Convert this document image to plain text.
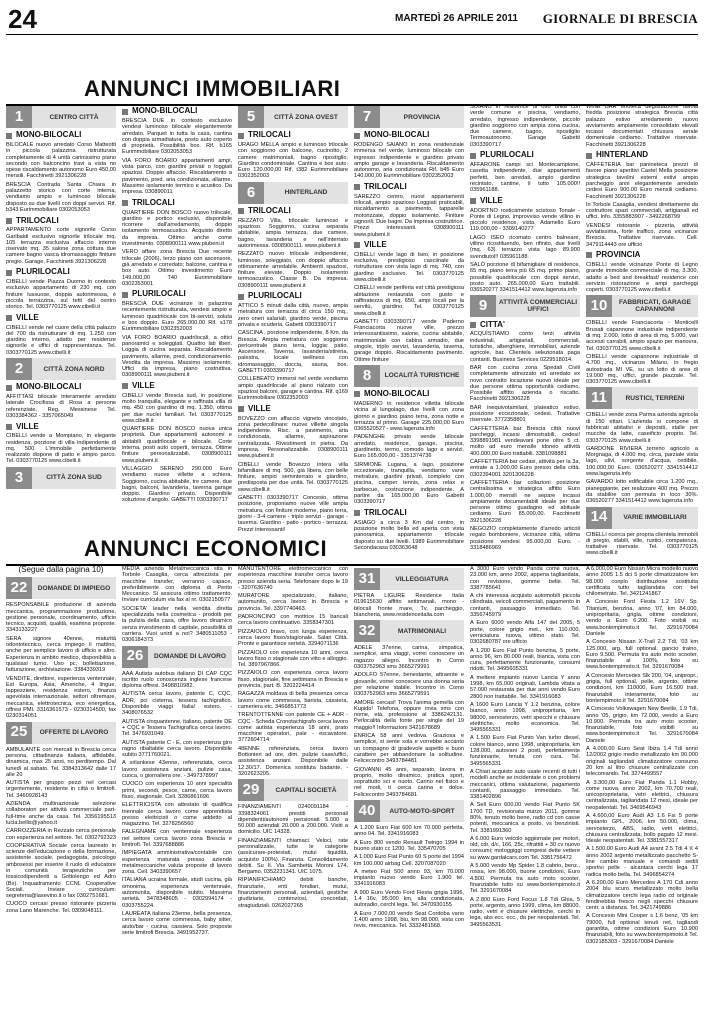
24	MARTEDÌ 26 APRILE 2011 GIORNALE DI BRESCIA
ANNUNCI IMMOBILIARI
1	CENTRO CITTÀ
MONO-BILOCALI

BILOCALE nuovo arredato Corso Matteotti in piccola palazzina ristrutturata completamente di 4 unità carinissimo piano secondo con balconcino travi a vista no spese riscaldamento autonomo Euro 450,00 mensili. Facchinetti 3921306228

BRESCIA Contrada Santa Chiara in palazzetto storico con corte interna, vendiamo ampio e luminoso bilocale disposto su due livelli con doppi servizi. Rif. b343 Eurimmobiliare 0302053053

TRILOCALI

APPARTAMENTO corte signorile Corso Garibaldi esclusivo signorile trilocale mq. 105 terrazza esclusiva affaccio interno riservato mq. 35 salone zona cottura due camere bagno vasca idromassaggio finiture pregio. Garage. Facchinetti 3921306228

PLURILOCALI

CIBELLI vende Piazza Duomo in contesto esclusivo appartamento di 230 mq. con finiture lussuose, doppia autorimessa, è piccola terrazzina, sul tetti del centro storico. Tel. 0303770125 www.cibelli.it

VILLE

CIBELLI vende nel cuore della città palazzo del 700 da ristrutturare di mq. 1.250 con giardino interno, adatto per residenze signorile e uffici di rappresentanza. Tel. 0303770125 www.cibelli.it

2	CITTÀ ZONA NORD
MONO-BILOCALI

AFFITTASI bilocale interamente arredato laterale Crocifissa di Rosa a persone referenziate. Reg. Messinese Tel. 0303384362 - 3357065049

VILLE

CIBELLI vende a Mompiano, in elegante residenza, porzione di villa indipendente di mq. 500. L'immobile perfettamente realizzato dispone di patio e ampio parco. Tel. 0303770125 www.cibelli.it

3	CITTÀ ZONA SUD
MONO-BILOCALI

BRESCIA DUE in contesto esclusivo vendesi luminoso bilocale elegantemente arredato. Parquet in tutta la casa, cantina con doppia armadiatura, posto auto coperto di proprietà. Possibilità box. Rif. b165 Eurimmobiliare 0302053053

VIA FORO BOARIO appartamenti ampi, vista parco, con giardini privati o loggiati spaziosi. Doppio affaccio. Riscaldamento a pavimento, pred. aria condizionata, allarme. Massimo isolamento termico e acustico. Da impresa. 030890011

TRILOCALI

QUARTIERE DON BOSCO nuovo trilocale, giardino e portico esclusivi, disponibile ricorrere dall'arredamento, doppio isolamento termoacustico. Acquisto diretto da impresa. Ottimo anche come investimento. 0308900111 www.piubeni.it

VERO affare zona Brescia Due recente trilocale (2006), terzo piano con ascensore, già arredato e corredato; balcone, cantina e box auto. Ottimo investimento Euro 149.000,00 T40 Eurimmobiliare 0302353001

PLURILOCALI

BRESCIA DUE vicinanze in palazzina recentemente ristrutturata, vendesi ampio e luminoso quadrilocale con bi-servizi, soluta e box doppio. Euro 265.000,00 Rif. s178 Eurimmobiliare 0302352003

VIA FORO BOARIO quadrilocali, a ottici panoramici e soleggiati. Quattro lati liberi. Loggia di cucina separata. Riscaldamento pavimento, allarme, pred. condizionamento. Vendita da impresa. Massimo isolamento. Uffici da impresa, piano costruttiva. 0308900111 www.piubeni.it

VILLE

CIBELLI vende Brescia sud, in posizione molto tranquilla, elegante e raffinata villa di mq. 450 con giardino di mq. 1.350, ottima per due nuclei familiari. Tel. 0303770125 www.cibelli.it

QUARTIERE DON BOSCO nuova unica proprietà. Due appartamenti autonomi e abitabili quadrilocale e bilocale. Corte interna, posti auto coperti, terrazza. Ottime finiture personalizzabili. 0308900111 www.piubeni.it

VILLAGGIO SERENO 290.000 Euro vendiamo nuove villette a schiera. Soggiorno, cucina abitabile, tre camere, due bagni, balconi, lavanderia, taverna garage doppio. Giardino privato. Disponibile soluzione d'angolo. GABETTI 0303390717

5	CITTÀ ZONA OVEST
TRILOCALI

URAGO MELLA ampio e luminoso trilocale con soggiorno con balcone, cucinotto, 2 camere matrimoniali, bagno ripostiglio. Giardino condominiale. Cantina e box auto. Euro 120.000,00 Rif. t382 Eurimmobiliare 0302352003

6	HINTERLAND
TRILOCALI

REZZATO Villa, trilocale: luminoso e spazioso. Soggiorno, cucina separata abitabile, ampia terrazza, due camere, bagno, lavanderia e nell'interrato autorimessa. 0308900111. www.piubeni.it

REZZATO nuovo trilocale indipendente, luminoso, soleggiato, con doppio affaccio ottimamente arredabile. Ambienti spaziosi, finiture elevate. Doppio isolamento termoacustico. Classe B. Da impresa. 0308900111 www.piubeni.it

PLURILOCALI

ATTICO 5 minuti dalla città, nuovo, ampia metratura con terrazza di circa 150 mq., zero oneri salariali, giardino verde, piscina privata e scuderia. Gabetti 0303390717

CASCINA , porzione indipendente, 8 Km. da Brescia. Ampia metratura con soggiorno pericentrale piano terra, loggia: patio. Ascensore, Taverna, lavanderia/stireria, palestra, locale wellness con idromassaggio, doccia, sauna, box. GABETTI 0303390717

COLLEBEATO immersi nel verde vendiamo ampio quadrilocale al piano rialzato con spaziosi balconi, garage e cantina. Rif. q169 Eurimmobiliare 0302352003

VILLE

BOVEZZO con affaccio vigneto vincolato, zona pedecollinare: nuove villette singola indipendente. Risc. a pavimento, aria condizionata, allarme, aspirazione centralizzata. Rivestimenti in pietra. Da impresa. Personalizzabile. 0308900111 www.piubeni.it

CIBELLI vende Bovezzo intera villa bifamiliare di mq. 500, già libera, con belle finiture, ampio seminterrato e giardino, predisposta per due unità. Tel. 0303770125 www.cibelli.it

GABETTI 0303390717 Concesio, ottima posizione, proponiamo nuove ville ampia metratura, con finiture moderne, piano terra, giorni - 3-4 camere - triplo servizi - garage - taverna. Giardino - patio - portico - terrazza. Prezzi interessanti!

7	PROVINCIA
MONO-BILOCALI

RODENGO SAIANO in zona residenziale immersa nel verde, luminoso bilocale con ingresso indipendente e giardino privato ampio garage e lavanderia. Riscaldamento autonomo, aria condizionata Rif. b45 Euro 140.000,00 Eurimmobiliare 0302352003

TRILOCALI

SAREZZO centro, nuovi appartamenti trilocali, ampio spazioso Loggiati praticabili, riscaldamento a pavimento, tapparelle motorizzate, doppio isolamento. Finiture signorili. Due bagni. Da impresa costruttrice. Prezzi interessanti. 0308900111 www.piubeni.it

VILLE

CIBELLI vende lago di Iseo, in posizione esclusiva, prestigioso casciinale da ristrutturare con vista lago di mq. 740, con giardino esclusivo. Tel. 0303770125 www.cibelli.it

CIBELLI vende periferia est città prestigiosa abitazione restaurata con gusto e raffinatezza di mq. 650, ampi locali per la servitù, giardino. Tel. 0303770125 www.cibelli.it

GABETTI 0303390717 vende Paderno Franciacorta nuove ville, prezzo interessantissimo, salone, cucina abitabile, matrimoniale con cabina armadio, due singole, triplo servizi, lavanderia, taverna, garage doppio. Riscaldamento pavimento. Ottime finiture

8	LOCALITÀ TURISTICHE
MONO-BILOCALI

MADERNO in residence villetta bilocale vicina al lungolago, due livelli con zona giorno e giardino piano terra, zona notte e terrazza al primo. Garage 225.000,00 Euro 0365520527 - www.lagenzia.info

PADENGHE privato vende bilocale arredato, residence, garage, piscina, giardinetto, termo, comodo lago e servizi. Euro 165.000,00 - 3351374736

SIRMIONE Lugana, a lago, posizione eccezionale, tranquilla, vendiamo vane metrature, giardini privati, completo con piscina, camper tennis, zona relax e barbecue, costruzione indipendente. A partire da 165.000,00 Euro Gabetti 0303390717

TRILOCALI

ASIAGO a circa 3 Km dal centro, in posizione molto bella ed aperta con vista panoramica, appartamento trilocale disposto su due livelli. 1989 Eurimmobiliare Secondacasa 030363648

SOIANO in residence di otto unità con verde comune e piscina, vendiamo, arredato, ingresso indipendente, piccolo giardino soggiorno con ampia zona cucina, due camere, bagno, ripostiglio Termoautonomo. Garage Gabetti 0303390717

PLURILOCALI

AFFARONE campi sci Montecampione, casetta indipendente, due appartamenti perfetti, ben arredati, ampio giardino recintato, cantine, il tutto 105.000!! 035961188.

VILLE

ADORTNO rosticamente scistoso Tonale - Ponte di Legno, improvviso vende villino in piccolo residence, vista. Adamello Euro 119.000,00 - 3309140277

LAGO ISEO ricomato centro balneare, villino ricostituendo, ben rifinito, due livelli (mq. 63) terrazzo vista lago 89.900 svendiutol!! 035961188.

SALÒ porzione di bifamigliare di residence, 65 mq. piano terra più 65 mq. primo piano, possibile quadrilocale con doppi servizi, posto auto. 265.000,00 Euro trattabili. 036520277 3341514412 www.lagenzia.info

9	ATTIVITÀ COMMERCIALI UFFICI
CITTA'

ACQUISTIAMO conto terzi attività industriali, artigianali, commerciali, turistiche, alberghiere, immobiliari, aziende agricole, bar. Clientela selezionata paga contanti. Business Services 0229518014.

BAR con cucina zona Spedali Civili completamente attrezzato ed arredato ex novo contratto locazione nuovo ideale per due persone ottima opportunità cediamo. Possibile affitto azienda o riscatto. Facchinetti 3921306228

BAR inequivotamilani, plateatico estivo, posizione eccezionale, cedesi. Trattative riservate. 3772358801

CAFFETTERIA bar Brescia città nuovi parcheggi, incassi dimostrabili, cedesi! 3398891981 vendeavani pone oltre 5 ct. molto ad euro mensile idoneo attività 400.000,00 Euro trattabili. 3381098881

CAFFETTERIA bar cedasi, attività per la 3a, entrate a 1.000,00 Euro presso della città. 0302394001 3201306228

CAFFETTERIA bar collazioni posizione centralissima e strategica affitto Euro 1.000,00 mensili ne separe incassi ampiamente documentabili ideale per due persone ottimo guadagno ed abituale cediamo Euro 85.000,00. Facchinetti 3921306228

NEGOZIO completamente d'arredo articoli regalo bomboniere, vicinanze città, ottima posizione vendesi 95.000,00 Euro. - 3318486969

WINE BAR enoteca degustazione tavola fredda posizione strategica Brescia città palazzo estivo arredamento nuovo avviamento ampiamente consolidato elevati incassi documentati chiusura serale domenicale cediamo. Trattative riservate. Facchinetti 3921306228

HINTERLAND

CAFFETERIA bar panineteca prezzi di favore piano aperitivi Castel Mella posizione strategica tavolini esterni estivi ampio parcheggio anni elegantemente arredato cedesi Euro 900.00 Euro mensili cediamo. Facchinetti 3921306228

In Torbole Casaglia, vendesi direttamente da costruttore spazi commerciali, artigianali ed uffici. Info. 3355883907 - 3492268799

VENDESI ristorante - pizzeria, attività avviatissima, forte traffico, zona vicinanze Brescia. Trattative riservate. Cell. 3479114443 ore ufficio

PROVINCIA

CIBELLI vende vicinanze Ponte di Legno grande immobile commerciale di mq. 3.300, adatto a bed and breakfast/ residence con servizio ristorazione e ampi parcheggi coperti. 0303770125 www.cibelli.it

10	FABBRICATI, GARAGE CAPANNONI

CIBELLI vende Franciacorta - Monticelli Brusati capannone industriale indipendente di mq. 2.000, lotto di area di mq. 5.000, vari accessi carrabili, ampio spazio per manovra. Tel. 0303770125 www.cibelli.it

CIBELLI vende capannone industriale di 4.700 mq., vicinanze Milano, in fregio autostrada MI VE, su un lotto di area di 19.000 mq., uffici, grande piazzale. Tel. 0303770125 www.cibelli.it

11	RUSTICI, TERRENI

CIBELLI vende zona Parma azienda agricola di 150 ettari. L'azienda si compone di fabbricati abitativi e depositi, stalle per mucche da latte, caseificio proprio. Tel. 0303770125 www.cibelli.it

GARDONE RIVIERA terreno agricolo a Morgnaga, di 4.000 mq. circa, parziale vista lago, ulivi, sorgente d'acqua, cedibile, 100.000,00 Euro. 036520277 3341514412 www.lagenzia.info

GAVARDO lotto edificabile circa 1.200 mq., pianeggiante, per realizzare 400 mq. Prezzo da stabilire con permuta in loco 30%. 036520277 3341514412 www.lagenzia.info

14	VARIE IMMOBILIARI

CIBELLI ricerca per propria clientela immobili di pregio, stabili, ville, rustici, compatenza, trattative riservate. Tel. 0303770125 www.cibelli.it

ANNUNCI ECONOMICI
(Segue dalla pagina 10)
22	DOMANDE DI IMPIEGO

RESPONSABILE produzione di azienda meccanica, programmazione produzione, gestione personale, coordinamento, ufficio tecnico, acquisti, qualità, esamina proposte. 3343133227

SERA signore 40enne, maturità odontotecnico, cerca impiego il mattino, anche per semplice lavoro di ufficio e altro. Esperienza in ambito medico, disponibilità a qualsiasi turno. Uso pc, bollettazione, fatturazione, archiviazione. 3384339319

VENDITE, direttore, esperienza ventennale, Est Europa, Asia, Americhe, 4 lingue, tappezziere, residenza estero, finanza agevolata internazionale, settori oltremare, meccanica, elettrotecnica, eco energetica, offresi PMI. 3316361573 - 0230314500, fax 0230314051

25	OFFERTE DI LAVORO

AMBULANTE con mercati in Brescia cerca persona, cittadinanza italiana, affidabile, dinamica, max 25 anni, no perditempo. Dal lunedì al sabato. Tel. 3384313642 dalle 17 alle 20

AUTISTA per gruppo pezzi nel cercasi urgentemente, residente in città o limitrofi. Tel. 3460928143

AZIENDA multinazionale selezione collaboratori per attività commerciale part-full-time anche da casa. Tel. 3356195513 lucia.bellis@yahoo.it

CARROZZERIA in Rezzato cerca personale con esperienza nel settore. Tel. 0302792323

COOPERATIVA Sociale cerca laureato in scienze dell'educazione o della formazione, assistente sociale, pedagogista, psicologo ambosessi per inserire il ruolo di educatore in comunità terapeutiche per tossicodipendenti a Gottolengo ed Adro (Bs). Inquadramento CCNL Cooperative Sociali. Inviare curriculum: segreteria@lasevino.it o fax 0302751681.

CUOCO cercasi presso ristorante pizzeria zona Lano Marenche. Tel. 0309048111.

MEDIA azienda Metalmeccanica sita in Torbole Casaglia, cerca attrezzista per macchine transfer, verranno capace, preferibilmente con diploma di Perito Meccanico. Si assicura ottimo trattamento. Inviare curriculum via fax al nr. 0302150577

SOCIETA' leader nella vendita diretta specializzata nella cosmetica - prodotti per la pulizia della casa, offre lavoro dinamico senza investimento di capitale, possibilità di carriera. Vuoi unirti a noi? 3480511053 - 0306184373

26	DOMANDE DI LAVORO

AAA Autista autobus italiano DI CAP CQC iscritto ruolo conoscenza inglese francese diploma offresi. 3498810982.

AUTISTA cerca lavoro, patente C, CQC, ADR, pci cisterna, tessera tachigrafico. Disponibile viaggi Italia/ estero. - 3408076532

AUTISTA cinquantenne, italiano, patente DE + CQC e Tessera Tachigrafica cerca lavoro. Tel. 3476931049.

AUTISTA patente C - E, con esperienza giro ragno ribaltabile cerca lavoro. Disponibile subito 3771760021.

A srilankese 43enne, referenziata, cerca lavoro assistenza anziani, pulizie casa, cuoca, o giornaliera ore. - 3497378997

CUOCO con esperienza 10 anni specialità primi, secondi, pesce, carne, cerca lavoro fisso, stagionale. Cell. 3286861696

ELETTRICISTA con attestato di qualifica triennale cerca lavoro come apprendista presso elettricisti o come addetto al magazzino. Tel. 3278256560

FALEGNAME con ventennale esperienza nel settore cerca lavoro zona Brescia e limitrofi. Tel. 3397688886

IMPIEGATA amministrativa/contabile con esperienza maturata presso aziende metalmeccaniche valuta proposte di lavoro zona. Cell. 3403390657

ITALIANA ucraina formale, studi cucina, già omonima, esperienza ventennale, automunita, disponibile subito. Massima serietà. 3478348605 - 0302994174 - 0303755224.

LAUREATA italiana 23enne, bella presenza, cerca lavoro come commessa, baby sitter, aiuto/bar - cucina, cassiera. Solo proposte serie limitrofi Brescia. 3491952737.

MANUTENTORE elettromeccanico con esperienza macchine transfer cerca lavoro presso azienda seria. Telefonare dopo le 19 - 3207636740

MURATORE specializzato, italiano, automunito, cerca lavoro in Brescia e provincia. Tel. 3397740463.

PADRONCINO con mottrice 15 bancali cerca lavoro continuativo. 3358347301

PIZZAIOLO bravo, con lunga esperienza, cerca lavoro fisso/stagionale. Salari Città. Pronte e garantisce serietà. 3294071136

PIZZAIOLO con esperienza 10 anni, cerca lavoro fisso o stagionale con vitto e alloggio. Tel. 3897967866.

PIZZAIOLO con esperienza cerca lavoro fisso, stagionale, fine settimana in Brescia e provincia, part. B. 3202224414

RAGAZZA moldava di bella presenza cerca lavoro come commessa, barista, cassiera, cameriera etc. 3466851773

TRENTOTTENNE con patente CE + ADR - CQC - Scheda Cronotachigrafo cerca lavoro come autista esperienza 18 anni, prato macchine operatori, pale - escavatore. 3772604714

48ENNE referenziata, cerca lavoro Bottonieri ad ore, dim. pulizie case/uffici, assistenza anziani. Disponibile dalle 12.30/17. Domenica sostituta badante. - 3202623205.

29	CAPITALI SOCIETÀ

FINANZIAMENTI 0240091184 - 3398324061 prestiti personali dipendenti/autonomi pensionati 5.000 a 50.000 aziendali 20.000 a 200.000. Visiti a domicilio. UIC 14328.

FINANZIAMENTI chiamaci. Veloci, rate personalizzate, tutte le categorie (assicurare-protestati, mutui liquidità, acquisto 100%). Finanzia. Consolidamento debiti. Su II. Via Sambetta Moroni 174, Bergamo. 0352231341. UIC 1075.

RIPIANIFICHIAMO debiti banche, finanziarie, enti fondiari, mutui, finanziamenti personali, aziendali, gestiche giudiziarie, contenziosi, concordati, stragiudiziali. 0262027265

31	VILLEGGIATURA

PIETRA LIGURE Residence Italia 019615630 affitto settimanali, mono - bilocali fronte mare, Tv, parcheggio, biancheria, www.residenceitalia.com

32	MATRIMONIALI

ADELE 37enne, carina, simpatica, semplice, ama viaggi, vorrei conoscere un ragazzo allegro. Incontro in Como 0303752963 sms 3665279991

ADOLFO 57enne, benestante, attraente e giovanile, vorrei conoscere una donna seria per relazione stabile. Incontro in Como 0303752963 sms 3665279591

AMORE cercasi! Trova l'anima gemella con Kupido! Telefona, oppure invia sms con nome, età, professione al 3386242131. Perlocalità della fonte per single del 19 maggio!! Informazioni 3421678689

ENRICA 58 anni vedova. Graziosa e semplice, si sente sola e vorrebbe accanto un compagno di gradevole aspetto e buon carattere per abbandonare la solitudine. Felicecontro 3493784481

GIOVANNI 45 anni, separato, lavora in proprio, molto dinamico, pratica sport, soprattutto sci e nuoto. Carino nel fisico e nel modi, ti cerca carina e dolce. Felicecontro 3493784681

40	AUTO-MOTO-SPORT

A 1.200 Euro Fiat 600 km 70.000 perfetta, anno 04. Tel. 3341916083

A Euro 800 vendo Renault Twingo 1994 in buono stato cc 1200. Tel. 335470705

A 1.000 Euro Fiat Punto 60 S porte del 1994 km 100.000 airbag Cell. 3207087020

A meteo Fiat 500 anno 93, km 70.000 impianto nuovo vendo Euro 1.900 tel. 3341916083

A 900 Euro Vendo Ford Fiesta grigia 1996, 1.4 16v, 95.000 km, alla condizionata, autoradio, cerchi lega. Tel. 3470930155

A Euro 7.000,00 vendo Seat Cordoba vario 1.400 anno 1998, blu, km 98.000, vista con revis. meccanica. Tel. 3332481568.

A 3000 Euro vendo Panda come nuova, 23.000 km, anno 2002, appena tagliandata, con revisione, gomme belle. Tel. 3387785641

A chi interessa acquisto automobili piccola cilindrata, veicoli commerciali, pagamento in contanti, passaggio immediato. Tel. 3356745979

A Euro 6000 vendo Alfa 147 del 2005, 5 porte, colore grigio met., km 110.000, verniciatura nuova, ottimo stato. Tel. 0302680787 ore ufficio

A 1.200 Euro Fiat Punto benzina, 5 porte, anno 96, km 80.000 reali, bianca, vista con cura, perfettamente funzionante, consumi ridotti. Tel. 3495605331

A mettere impianto nuovo Lancia Y anno 1998, km 65.000 originali, Lambda vitata a 57.000 restaurata per due anni vendo Euro 2800 non trattabile. Tel. 3341916083

A 1600 Euro Lancia Y 1.2 benzina, colore bianco, anno 1998, unipropritaria, km 98000, servosterzo, vetri specchi e chiusure elettriche, molto economica. Tel. 3495565331

A 1.500 Euro Fiat Punto Van turbo diesel, colore bianco, anno 1998, unipropritaria, km 128.000, autovani 2 posti, perfettamente funzionante, tenuta con cura. Tel. 3495565331

A Chiari acquisto auto usate recenti di tutti i modelli anche se incidentate o con problemi meccanici, ottima valutazione, pagamento contanti, passaggio immediato. Tel. 3381402896

A Sell Euro 600,00 vendo Fiat Punto 5K 1700 TD, revisionata marzo 2011, gomme 80%, tenuto molto bene, radio cd con casse potenti, meccanica a posto, vs benzinisti. Tel. 3381991360

A 6.000 Euro veicolo aggiornate per motori, old, cdr, d/c, 166, 25c, rifrattiti + 30 cv nuovo consumi; motoggiggi compresi dette vettere su www.gardalcars.com Tel. 3381756472

A 5.000 vendo Mp Spider 1.8 cabrio, benz., rossa, km 98.000, buone condizioni, Euro 4.800. Permuta tra auto moto scooter, finanziabile tutto su www.bontempimoto.it Tel. 3291670084

A 2.800 Euro Ford Focus 1.8 Tdi Ghia, 5 porte, argento, anno 1999, clima, km 88000, radio, vetri e chiusure elettriche, cerchi in lega, abs ecc. ecc., da per neopatentati. Tel. 3495563531

A 6.000,00 Euro Nissan Micra modello nuovo anno 2005 1.5 dci 5 porte climatizzatore km 98.000 conplo distribuzione sostituita certificata tutto tagliandata con bel chilometrato. Tel. 3421241867

A Concesio Ford Fiesta 1.2 16V Sp. Titanium, benzina, anno '07, km 84.000, unipropritaria, grigia, ottime condizioni, vendo a Euro 6.200. Foto visibili su www.bontempimoto.it Tel. 3291670084 Daniele

A Concesio Nissan X-Trail 2.2 Tdi, '03 km 125.000, arg. full optional, gancio traino, Euro 9.500. Permuta tra auto moto scooter, finanziabile al 100%, foto su www.bontempimoto.it. Tel. 3291670084

A Concesio Mercedes Slk 200, '04, unipropr., grigia, full optional, pelle, argento, ottime condizioni, km 110000, Euro 16.500 tratt. finanziabili interamente, foto su bontempimoto.it Tel. 3291670084

A Concesio Volkswagen New Beetle, 1.9 Tdi, anno '05, grigio, km 72.000, vendo a Euro 10.900. Permuta tra auto moto scooter, finanziabile, foto visibili su www.bontempimoto.it Tel. 3291670084 Daniele

A 4.000,00 Euro Seat Ibiza 1.4 Tdi anno 12/2002 grigio medio metallizzato km 90.000 originali tagliandati climatizzatore consumo 20 km al litro chiusure centralizzate con telecomando. Tel. 3274499557

A 3.300,00 Euro Fiat Panda 1.1 Hobby, come nuova, anno 2002, km 70.700 reali, unicoproprietaria, vetri elettrici, chiusura centralizzata, tagliandata 12 mesi, ideale per neopatentati. Tel. 3469546943

A 4.600,00 Euro Audi A3 1.6 Fsi 5 porte impianto GPL, 2006, km 50.000, clima, servosterzo, ABS, radio, vetri elettrici, chiusura centralizzata, bollo pagato 12 mesi. Ideale neopatentati. Tel. 3381557317

A 1.500,00 Euro Audi A4 avant 2.5 Tdi 4 X 4 anno 2002 argento metallizzato pacchetto S-line cambio manuale e comandi sedili sportivi pelle - alcantara cerchi lega 17 radica molto bella. Tel. 3496854274

A 6.200,00 Euro Mercedes A 170 Cdi anno 2004 blu scuro metallizzato molto bella climatizzatore cerchi lega radio cd originale fendinebbia fresco negli specchi chiusure centr. a distanza. Tel. 3421749886

A Concesio Mini Cooper s 1.6 benz, '05 km 79000, full optional tenuti net, tagliandi garantita, ottime condizioni Euro 10.900 finanziabili, foto su www.bontempimoto.it Tel. 0302185303 - 3291670084 Daniele
